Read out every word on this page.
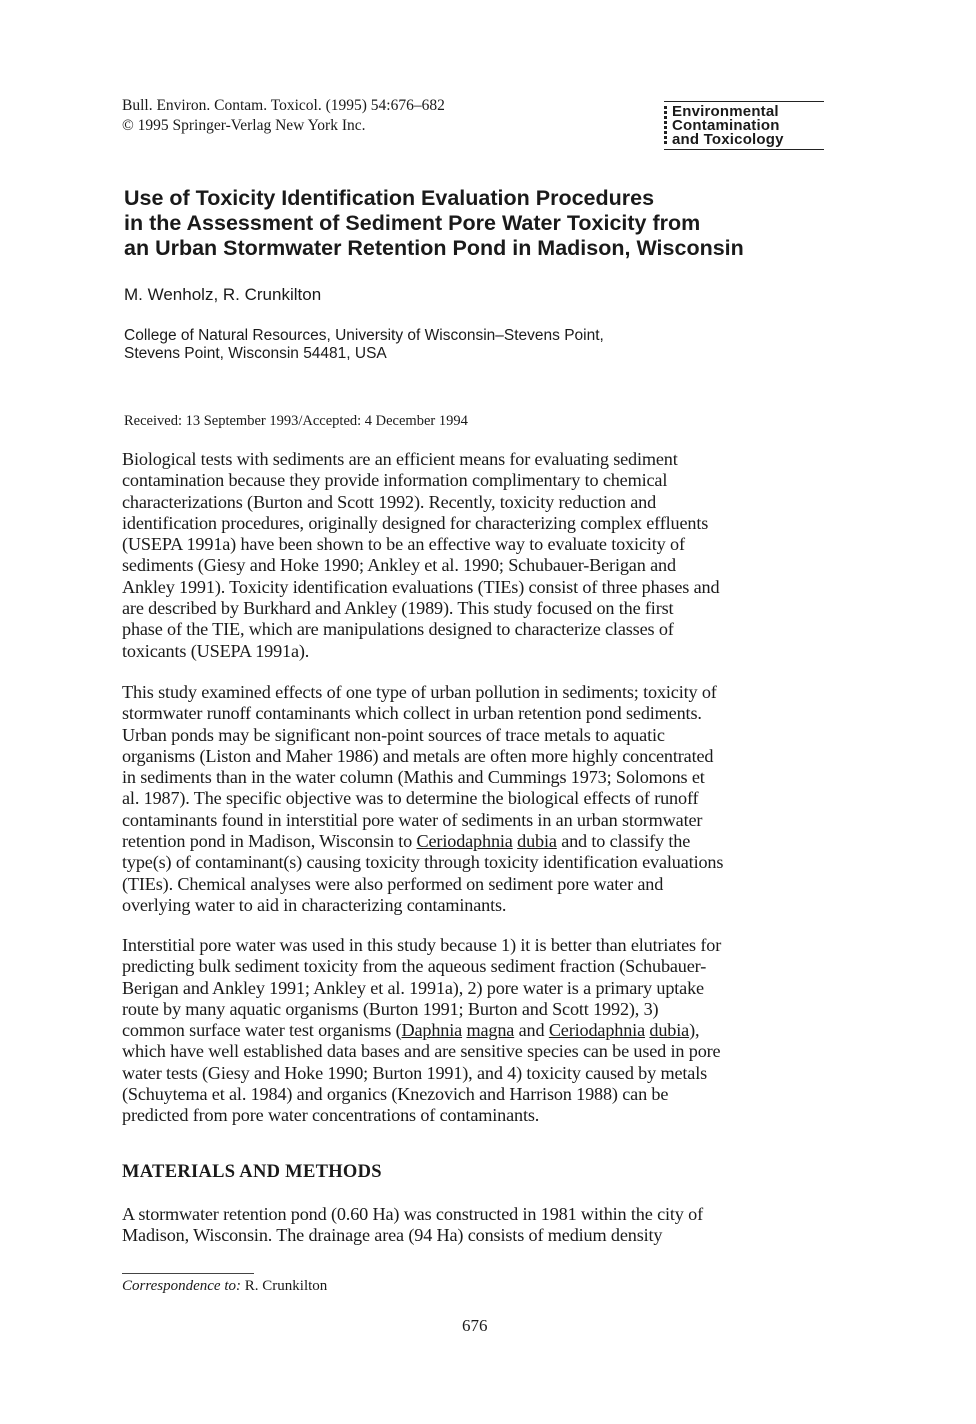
Bull. Environ. Contam. Toxicol. (1995) 54:676–682
© 1995 Springer-Verlag New York Inc.
Environmental
Contamination
and Toxicology
Use of Toxicity Identification Evaluation Procedures
in the Assessment of Sediment Pore Water Toxicity from
an Urban Stormwater Retention Pond in Madison, Wisconsin
M. Wenholz, R. Crunkilton
College of Natural Resources, University of Wisconsin–Stevens Point,
Stevens Point, Wisconsin 54481, USA
Received: 13 September 1993/Accepted: 4 December 1994

Biological tests with sediments are an efficient means for evaluating sediment
contamination because they provide information complimentary to chemical
characterizations (Burton and Scott 1992). Recently, toxicity reduction and
identification procedures, originally designed for characterizing complex effluents
(USEPA 1991a) have been shown to be an effective way to evaluate toxicity of
sediments (Giesy and Hoke 1990; Ankley et al. 1990; Schubauer-Berigan and
Ankley 1991). Toxicity identification evaluations (TIEs) consist of three phases and
are described by Burkhard and Ankley (1989). This study focused on the first
phase of the TIE, which are manipulations designed to characterize classes of
toxicants (USEPA 1991a).

This study examined effects of one type of urban pollution in sediments; toxicity of
stormwater runoff contaminants which collect in urban retention pond sediments.
Urban ponds may be significant non-point sources of trace metals to aquatic
organisms (Liston and Maher 1986) and metals are often more highly concentrated
in sediments than in the water column (Mathis and Cummings 1973; Solomons et
al. 1987). The specific objective was to determine the biological effects of runoff
contaminants found in interstitial pore water of sediments in an urban stormwater
retention pond in Madison, Wisconsin to Ceriodaphnia dubia and to classify the
type(s) of contaminant(s) causing toxicity through toxicity identification evaluations
(TIEs). Chemical analyses were also performed on sediment pore water and
overlying water to aid in characterizing contaminants.

Interstitial pore water was used in this study because 1) it is better than elutriates for
predicting bulk sediment toxicity from the aqueous sediment fraction (Schubauer-
Berigan and Ankley 1991; Ankley et al. 1991a), 2) pore water is a primary uptake
route by many aquatic organisms (Burton 1991; Burton and Scott 1992), 3)
common surface water test organisms (Daphnia magna and Ceriodaphnia dubia),
which have well established data bases and are sensitive species can be used in pore
water tests (Giesy and Hoke 1990; Burton 1991), and 4) toxicity caused by metals
(Schuytema et al. 1984) and organics (Knezovich and Harrison 1988) can be
predicted from pore water concentrations of contaminants.

MATERIALS AND METHODS

A stormwater retention pond (0.60 Ha) was constructed in 1981 within the city of
Madison, Wisconsin. The drainage area (94 Ha) consists of medium density

Correspondence to: R. Crunkilton
676
